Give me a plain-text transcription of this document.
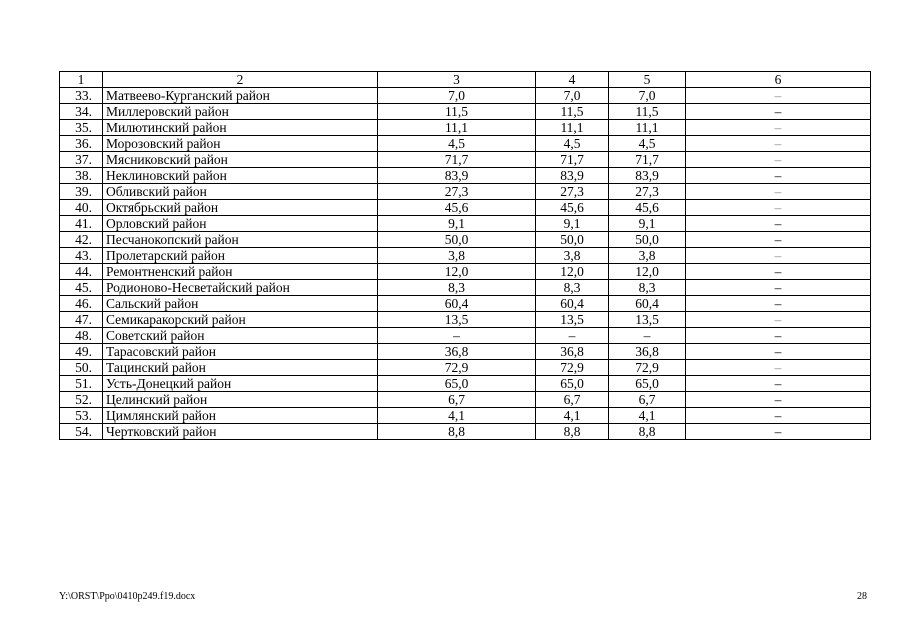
1	2	3	4	5	6
33.	Матвеево-Курганский район	7,0	7,0	7,0	–
34.	Миллеровский район	11,5	11,5	11,5	–
35.	Милютинский район	11,1	11,1	11,1	–
36.	Морозовский район	4,5	4,5	4,5	–
37.	Мясниковский район	71,7	71,7	71,7	–
38.	Неклиновский район	83,9	83,9	83,9	–
39.	Обливский район	27,3	27,3	27,3	–
40.	Октябрьский район	45,6	45,6	45,6	–
41.	Орловский район	9,1	9,1	9,1	–
42.	Песчанокопский район	50,0	50,0	50,0	–
43.	Пролетарский район	3,8	3,8	3,8	–
44.	Ремонтненский район	12,0	12,0	12,0	–
45.	Родионово-Несветайский район	8,3	8,3	8,3	–
46.	Сальский район	60,4	60,4	60,4	–
47.	Семикаракорский район	13,5	13,5	13,5	–
48.	Советский район	–	–	–	–
49.	Тарасовский район	36,8	36,8	36,8	–
50.	Тацинский район	72,9	72,9	72,9	–
51.	Усть-Донецкий район	65,0	65,0	65,0	–
52.	Целинский район	6,7	6,7	6,7	–
53.	Цимлянский район	4,1	4,1	4,1	–
54.	Чертковский район	8,8	8,8	8,8	–
Y:\ORST\Ppo\0410p249.f19.docx	28
